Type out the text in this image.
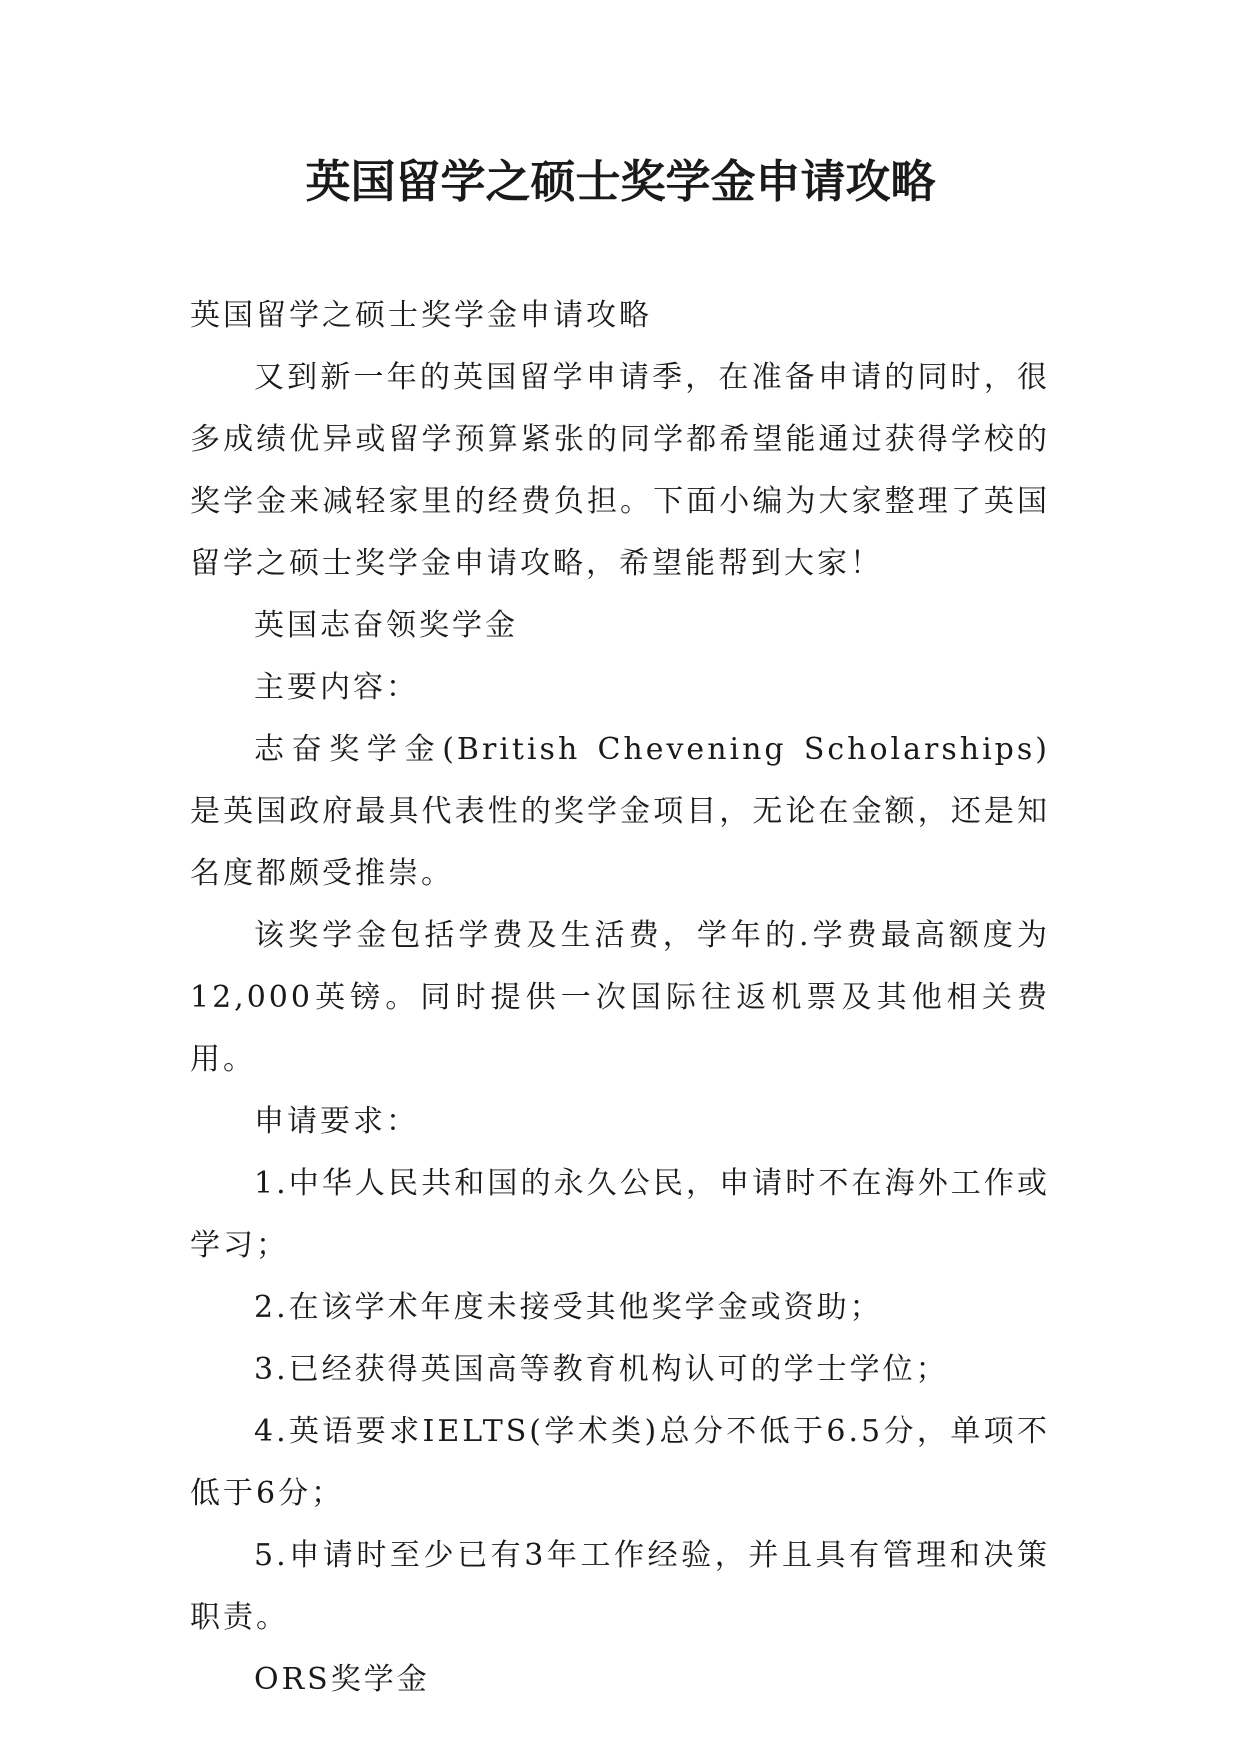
英国留学之硕士奖学金申请攻略

英国留学之硕士奖学金申请攻略

又到新一年的英国留学申请季，在准备申请的同时，很多成绩优异或留学预算紧张的同学都希望能通过获得学校的奖学金来减轻家里的经费负担。下面小编为大家整理了英国留学之硕士奖学金申请攻略，希望能帮到大家！

英国志奋领奖学金

主要内容：

志奋奖学金(British Chevening Scholarships)是英国政府最具代表性的奖学金项目，无论在金额，还是知名度都颇受推崇。

该奖学金包括学费及生活费，学年的.学费最高额度为12,000英镑。同时提供一次国际往返机票及其他相关费用。

申请要求：

1.中华人民共和国的永久公民，申请时不在海外工作或学习；

2.在该学术年度未接受其他奖学金或资助；

3.已经获得英国高等教育机构认可的学士学位；

4.英语要求IELTS(学术类)总分不低于6.5分，单项不低于6分；

5.申请时至少已有3年工作经验，并且具有管理和决策职责。

ORS奖学金
